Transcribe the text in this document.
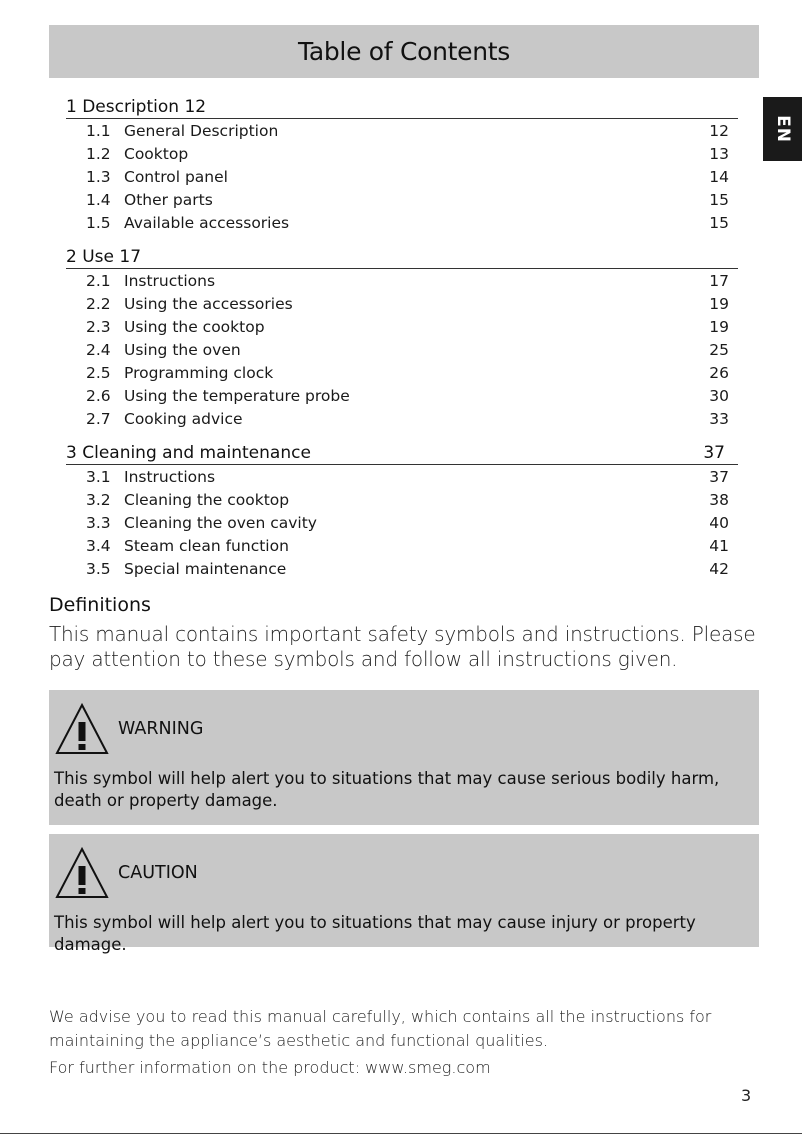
Table of Contents
EN
1 Description 12
1.1 General Description	12
1.2 Cooktop	13
1.3 Control panel	14
1.4 Other parts	15
1.5 Available accessories	15
2 Use 17
2.1 Instructions	17
2.2 Using the accessories	19
2.3 Using the cooktop	19
2.4 Using the oven	25
2.5 Programming clock	26
2.6 Using the temperature probe	30
2.7 Cooking advice	33
3 Cleaning and maintenance	37
3.1 Instructions	37
3.2 Cleaning the cooktop	38
3.3 Cleaning the oven cavity	40
3.4 Steam clean function	41
3.5 Special maintenance	42
Definitions

This manual contains important safety symbols and instructions. Please pay attention to these symbols and follow all instructions given.

WARNING
This symbol will help alert you to situations that may cause serious bodily harm, death or property damage.
CAUTION
This symbol will help alert you to situations that may cause injury or property damage.

We advise you to read this manual carefully, which contains all the instructions for maintaining the appliance’s aesthetic and functional qualities.

For further information on the product: www.smeg.com

3
